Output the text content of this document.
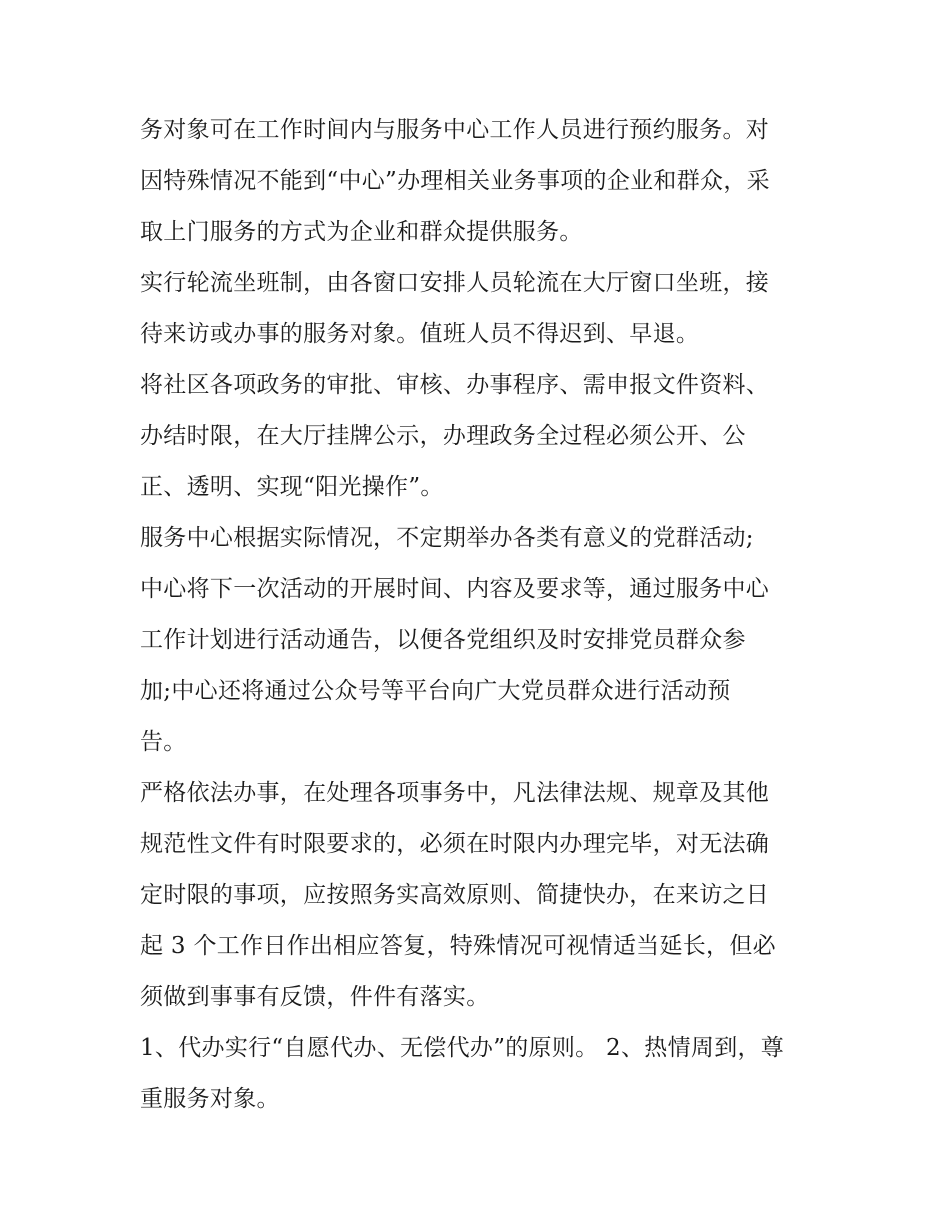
务对象可在工作时间内与服务中心工作人员进行预约服务。对
因特殊情况不能到“中心”办理相关业务事项的企业和群众，采
取上门服务的方式为企业和群众提供服务。
实行轮流坐班制，由各窗口安排人员轮流在大厅窗口坐班，接
待来访或办事的服务对象。值班人员不得迟到、早退。
将社区各项政务的审批、审核、办事程序、需申报文件资料、
办结时限，在大厅挂牌公示，办理政务全过程必须公开、公
正、透明、实现“阳光操作”。
服务中心根据实际情况，不定期举办各类有意义的党群活动;
中心将下一次活动的开展时间、内容及要求等，通过服务中心
工作计划进行活动通告，以便各党组织及时安排党员群众参
加;中心还将通过公众号等平台向广大党员群众进行活动预
告。
严格依法办事，在处理各项事务中，凡法律法规、规章及其他
规范性文件有时限要求的，必须在时限内办理完毕，对无法确
定时限的事项，应按照务实高效原则、简捷快办，在来访之日
起 3 个工作日作出相应答复，特殊情况可视情适当延长，但必
须做到事事有反馈，件件有落实。
1、代办实行“自愿代办、无偿代办”的原则。 2、热情周到，尊
重服务对象。
